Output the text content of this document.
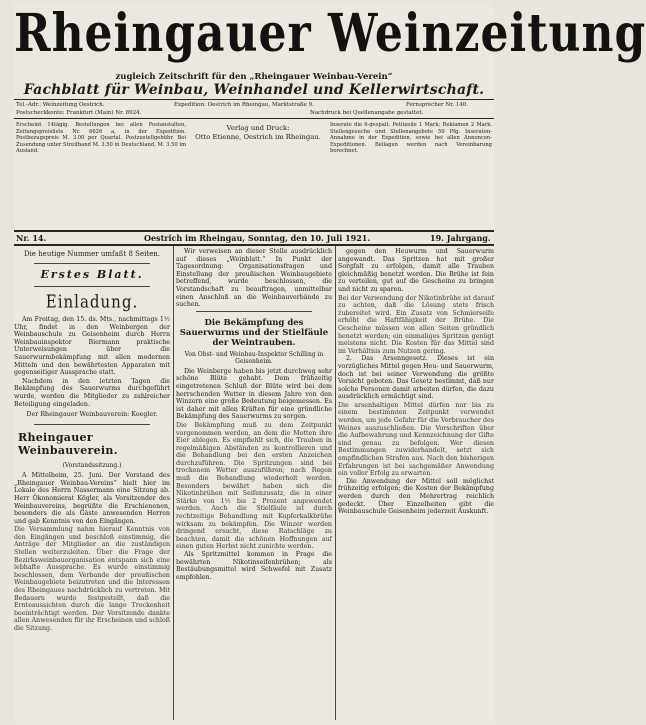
Rheingauer Weinzeitung
zugleich Zeitschrift für den „Rheingauer Weinbau-Verein“
Fachblatt für Weinbau, Weinhandel und Kellerwirtschaft.
Tel.-Adr.: Weinzeitung Oestrich.	Expedition: Oestrich im Rheingau, Marktstraße 9.	Fernsprecher Nr. 140.
Postscheckkonto: Frankfurt (Main) Nr. 8924.	Nachdruck bei Quellenangabe gestattet.
Erscheint 14tägig. Bestellungen bei allen Postanstalten, Zeitungspreisliste Nr. 6626 a, in der Expedition. Postbezugspreis M. 3.00 per Quartal. Postzustellgebühr. Bei Zusendung unter Streifband M. 3.50 in Deutschland, M. 3.50 im Ausland.
Verlag und Druck:
Otto Etienne, Oestrich im Rheingau.
Inserate die 6-gespalt. Petitzeile 1 Mark; Reklamen 2 Mark. Stellengesuche und Stellenangebote 50 Pfg. Inseraten-Annahme in der Expedition, sowie bei allen Annoncen-Expeditionen. Beilagen werden nach Vereinbarung berechnet.
Nr. 14.	Oestrich im Rheingau, Sonntag, den 10. Juli 1921.	19. Jahrgang.
Die heutige Nummer umfaßt 8 Seiten.
Erstes Blatt.
Einladung.
Am Freitag, den 15. ds. Mts., nachmittags 1½ Uhr, findet in den Weinbergen der Weinbauschule zu Geisenheim durch Herrn Weinbauinspektor Biermann praktische Unterweisungen über die Sauerwurmbekämpfung mit allen modernen Mitteln und den bewährtesten Apparaten mit gegenseitiger Aussprache statt.
Nachdem in den letzten Tagen die Bekämpfung des Sauerwurms durchgeführt wurde, werden die Mitglieder zu zahlreicher Beteiligung eingeladen.
Der Rheingauer Weinbauverein: Koegler.
Rheingauer Weinbauverein.
(Vorstandssitzung.)
A Mittelheim, 25. Juni. Der Vorstand des „Rheingauer Weinbau-Vereins“ hielt hier im Lokale des Herrn Nassermann eine Sitzung ab. Herr Ökonomierat Kögler, als Vorsitzender des Weinbauvereins, begrüßte die Erschienenen, besonders die als Gäste anwesenden Herren und gab Kenntnis von den Eingängen.
Die Versammlung nahm hierauf Kenntnis von den Eingängen und beschloß einstimmig, die Anträge der Mitglieder an die zuständigen Stellen weiterzuleiten. Über die Frage der Bezirksweinbauorganisation entspann sich eine lebhafte Aussprache. Es wurde einstimmig beschlossen, dem Verbande der preußischen Weinbaugebiete beizutreten und die Interessen des Rheingaues nachdrücklich zu vertreten. Mit Bedauern wurde festgestellt, daß die Ernteaussichten durch die lange Trockenheit beeinträchtigt werden. Der Vorsitzende dankte allen Anwesenden für ihr Erscheinen und schloß die Sitzung.
Wir verweisen an dieser Stelle ausdrücklich auf dieses „Weinblatt.“ In Punkt der Tagesordnung: Organisationsfragen und Einstellung der preußischen Weinbaugebiete betreffend, wurde beschlossen, die Vorstandschaft zu beauftragen, unmittelbar einen Anschluß an die Weinbauverbände zu suchen.
Die Bekämpfung des Sauerwurms und der Stielfäule der Weintrauben.
Von Obst- und Weinbau-Inspektor Schilling in Geisenheim.
Die Weinberge haben bis jetzt durchweg sehr schöne Blüte gehabt. Dem frühzeitig eingetretenen Schluß der Blüte wird bei dem herrschenden Wetter in diesem Jahre von den Winzern eine große Bedeutung beigemessen. Es ist daher mit allen Kräften für eine gründliche Bekämpfung des Sauerwurms zu sorgen.
Die Bekämpfung muß zu dem Zeitpunkt vorgenommen werden, an dem die Motten ihre Eier ablegen. Es empfiehlt sich, die Trauben in regelmäßigen Abständen zu kontrollieren und die Behandlung bei den ersten Anzeichen durchzuführen. Die Spritzungen sind bei trockenem Wetter auszuführen; nach Regen muß die Behandlung wiederholt werden. Besonders bewährt haben sich die Nikotinbrühen mit Seifenzusatz, die in einer Stärke von 1½ bis 2 Prozent angewendet werden. Auch die Stielfäule ist durch rechtzeitige Behandlung mit Kupferkalkbrühe wirksam zu bekämpfen. Die Winzer werden dringend ersucht, diese Ratschläge zu beachten, damit die schönen Hoffnungen auf einen guten Herbst nicht zunichte werden.
Als Spritzmittel kommen in Frage die bewährten Nikotinseifenbrühen; als Bestäubungsmittel wird Schwefel mit Zusatz empfohlen.
gegen den Heuwurm und Sauerwurm angewandt. Das Spritzen hat mit großer Sorgfalt zu erfolgen, damit alle Trauben gleichmäßig benetzt werden. Die Brühe ist fein zu verteilen, gut auf die Gescheine zu bringen und nicht zu sparen.
Bei der Verwendung der Nikotinbrühe ist darauf zu achten, daß die Lösung stets frisch zubereitet wird. Ein Zusatz von Schmierseife erhöht die Haftfähigkeit der Brühe. Die Gescheine müssen von allen Seiten gründlich benetzt werden; ein einmaliges Spritzen genügt meistens nicht. Die Kosten für das Mittel sind im Verhältnis zum Nutzen gering.
2. Das Arsenngesetz. Dieses ist ein vorzügliches Mittel gegen Heu- und Sauerwurm, doch ist bei seiner Verwendung die größte Vorsicht geboten. Das Gesetz bestimmt, daß nur solche Personen damit arbeiten dürfen, die dazu ausdrücklich ermächtigt sind.
Die arsenhaltigen Mittel dürfen nur bis zu einem bestimmten Zeitpunkt verwendet werden, um jede Gefahr für die Verbraucher des Weines auszuschließen. Die Vorschriften über die Aufbewahrung und Kennzeichnung der Gifte sind genau zu befolgen. Wer diesen Bestimmungen zuwiderhandelt, setzt sich empfindlichen Strafen aus. Nach den bisherigen Erfahrungen ist bei sachgemäßer Anwendung ein voller Erfolg zu erwarten.
Die Anwendung der Mittel soll möglichst frühzeitig erfolgen; die Kosten der Bekämpfung werden durch den Mehrertrag reichlich gedeckt. Über Einzelheiten gibt die Weinbauschule Geisenheim jederzeit Auskunft.
